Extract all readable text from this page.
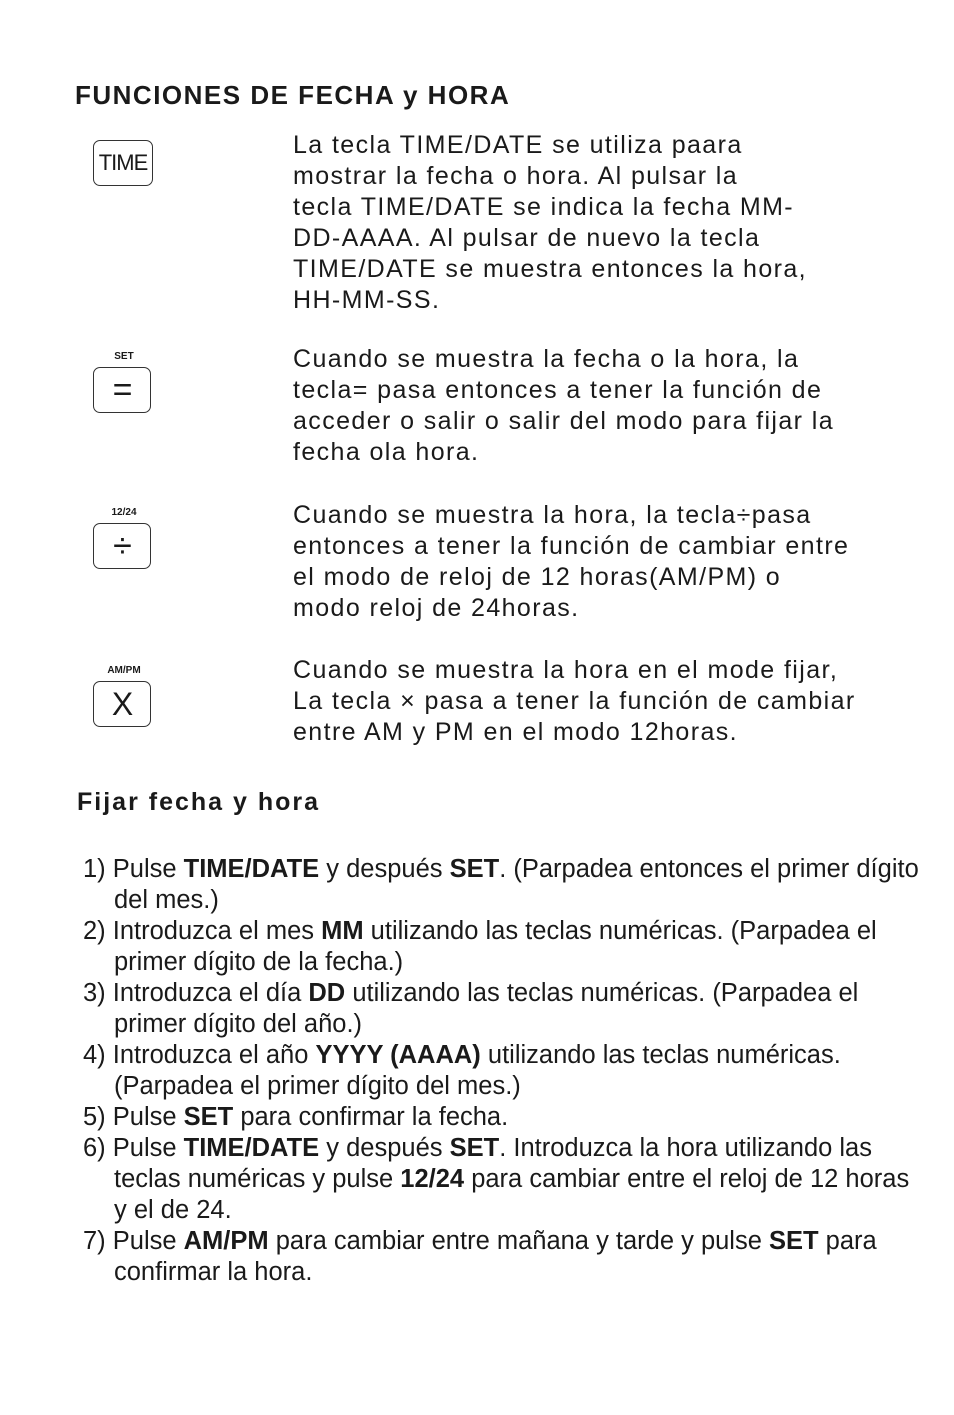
FUNCIONES DE FECHA y HORA
TIME

La tecla TIME/DATE se utiliza paara

mostrar la fecha o hora. Al pulsar la

tecla TIME/DATE se indica la fecha MM-

DD-AAAA. Al pulsar de nuevo la tecla

TIME/DATE se muestra entonces la hora,

HH-MM-SS.

SET
=

Cuando se muestra la fecha o la hora, la

tecla= pasa entonces a tener la función de

acceder o salir o salir del modo para fijar la

fecha ola hora.

12/24
÷

Cuando se muestra la hora, la tecla÷pasa

entonces a tener la función de cambiar entre

el modo de reloj de 12 horas(AM/PM) o

modo reloj de 24horas.

AM/PM
X

Cuando se muestra la hora en el mode fijar,

La tecla × pasa a tener la función de cambiar

entre AM y PM en el modo 12horas.

Fijar fecha y hora
1) Pulse TIME/DATE y después SET. (Parpadea entonces el primer dígito del mes.)
2) Introduzca el mes MM utilizando las teclas numéricas. (Parpadea el primer dígito de la fecha.)
3) Introduzca el día DD utilizando las teclas numéricas. (Parpadea el primer dígito del año.)
4) Introduzca el año YYYY (AAAA) utilizando las teclas numéricas. (Parpadea el primer dígito del mes.)
5) Pulse SET para confirmar la fecha.
6) Pulse TIME/DATE y después SET. Introduzca la hora utilizando las teclas numéricas y pulse 12/24 para cambiar entre el reloj de 12 horas y el de 24.
7) Pulse AM/PM para cambiar entre mañana y tarde y pulse SET para confirmar la hora.
